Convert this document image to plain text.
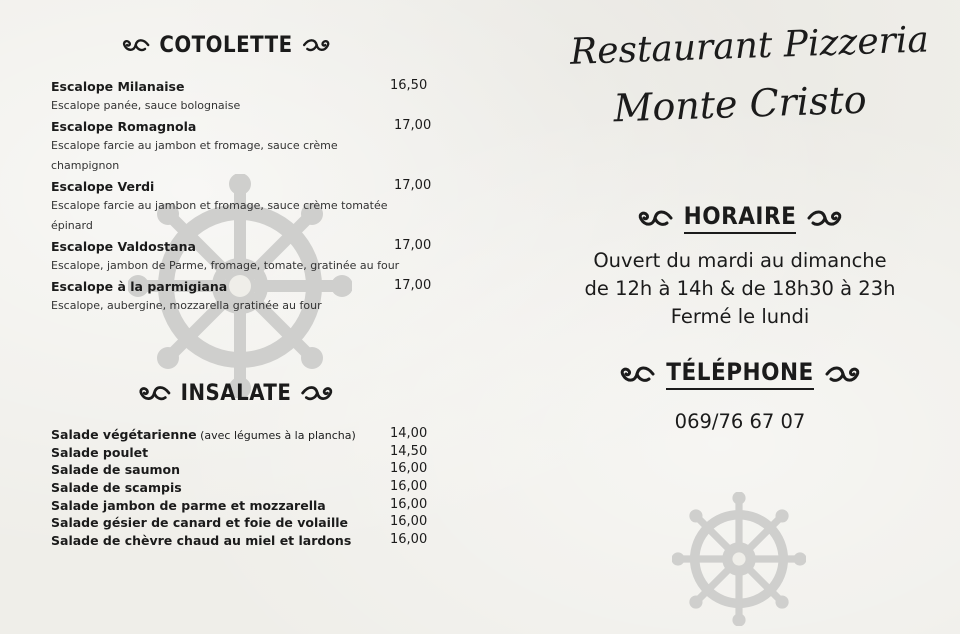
COTOLETTE
Escalope Milanaise	16,50
Escalope panée, sauce bolognaise
Escalope Romagnola	17,00
Escalope farcie au jambon et fromage, sauce crème
champignon
Escalope Verdi	17,00
Escalope farcie au jambon et fromage, sauce crème tomatée
épinard
Escalope Valdostana	17,00
Escalope, jambon de Parme, fromage, tomate, gratinée au four
Escalope à la parmigiana	17,00
Escalope, aubergine, mozzarella gratinée au four
INSALATE
Salade végétarienne (avec légumes à la plancha)	14,00
Salade poulet	14,50
Salade de saumon	16,00
Salade de scampis	16,00
Salade jambon de parme et mozzarella	16,00
Salade gésier de canard et foie de volaille	16,00
Salade de chèvre chaud au miel et lardons	16,00
Restaurant Pizzeria
Monte Cristo
HORAIRE
Ouvert du mardi au dimanche
de 12h à 14h & de 18h30 à 23h
Fermé le lundi
TÉLÉPHONE
069/76 67 07
